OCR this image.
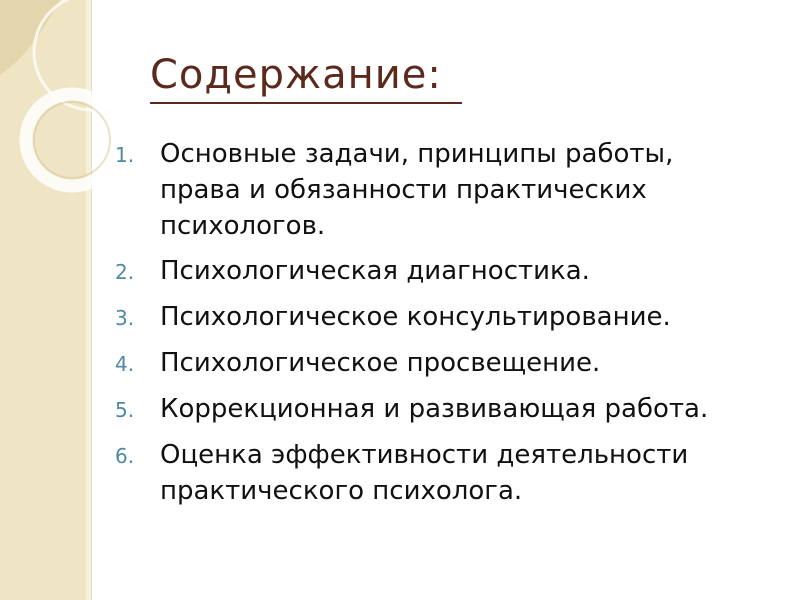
Содержание:
1. Основные задачи, принципы работы, права и обязанности практических психологов.
2. Психологическая диагностика.
3. Психологическое консультирование.
4. Психологическое просвещение.
5. Коррекционная и развивающая работа.
6. Оценка эффективности деятельности практического психолога.
